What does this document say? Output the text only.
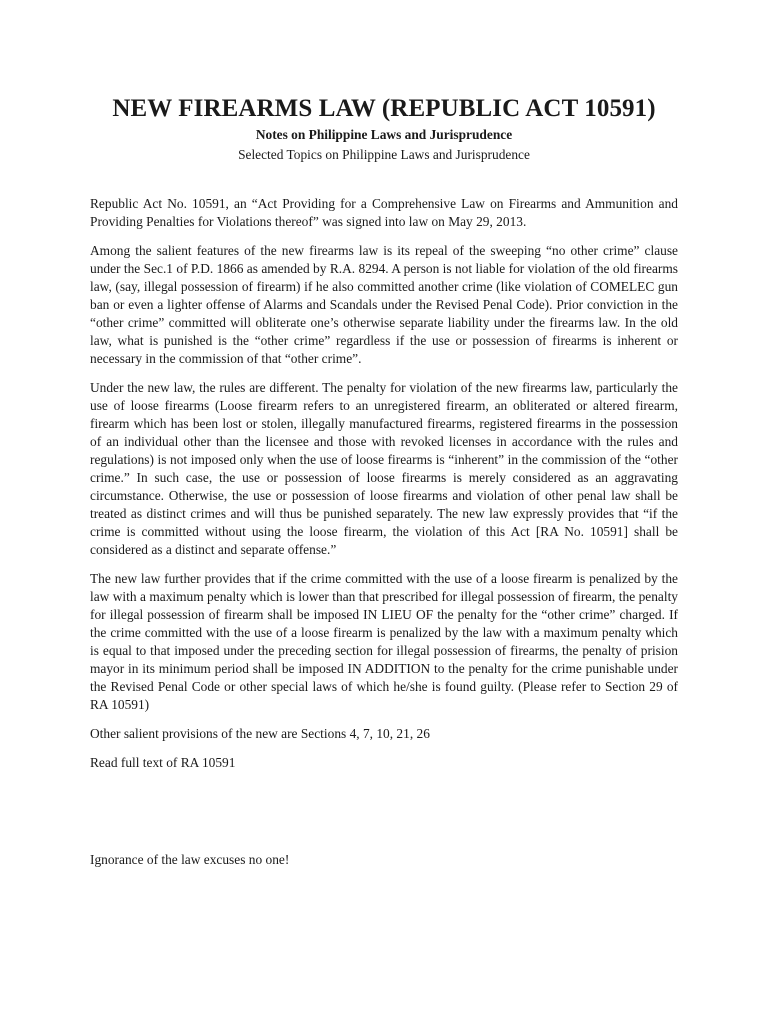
NEW FIREARMS LAW (REPUBLIC ACT 10591)
Notes on Philippine Laws and Jurisprudence
Selected Topics on Philippine Laws and Jurisprudence

Republic Act No. 10591, an “Act Providing for a Comprehensive Law on Firearms and Ammunition and Providing Penalties for Violations thereof” was signed into law on May 29, 2013.

Among the salient features of the new firearms law is its repeal of the sweeping “no other crime” clause under the Sec.1 of P.D. 1866 as amended by R.A. 8294. A person is not liable for violation of the old firearms law, (say, illegal possession of firearm) if he also committed another crime (like violation of COMELEC gun ban or even a lighter offense of Alarms and Scandals under the Revised Penal Code). Prior conviction in the “other crime” committed will obliterate one’s otherwise separate liability under the firearms law. In the old law, what is punished is the “other crime” regardless if the use or possession of firearms is inherent or necessary in the commission of that “other crime”.

Under the new law, the rules are different. The penalty for violation of the new firearms law, particularly the use of loose firearms (Loose firearm refers to an unregistered firearm, an obliterated or altered firearm, firearm which has been lost or stolen, illegally manufactured firearms, registered firearms in the possession of an individual other than the licensee and those with revoked licenses in accordance with the rules and regulations) is not imposed only when the use of loose firearms is “inherent” in the commission of the “other crime.” In such case, the use or possession of loose firearms is merely considered as an aggravating circumstance. Otherwise, the use or possession of loose firearms and violation of other penal law shall be treated as distinct crimes and will thus be punished separately. The new law expressly provides that “if the crime is committed without using the loose firearm, the violation of this Act [RA No. 10591] shall be considered as a distinct and separate offense.”

The new law further provides that if the crime committed with the use of a loose firearm is penalized by the law with a maximum penalty which is lower than that prescribed for illegal possession of firearm, the penalty for illegal possession of firearm shall be imposed IN LIEU OF the penalty for the “other crime” charged. If the crime committed with the use of a loose firearm is penalized by the law with a maximum penalty which is equal to that imposed under the preceding section for illegal possession of firearms, the penalty of prision mayor in its minimum period shall be imposed IN ADDITION to the penalty for the crime punishable under the Revised Penal Code or other special laws of which he/she is found guilty. (Please refer to Section 29 of RA 10591)

Other salient provisions of the new are Sections 4, 7, 10, 21, 26

Read full text of RA 10591

Ignorance of the law excuses no one!
